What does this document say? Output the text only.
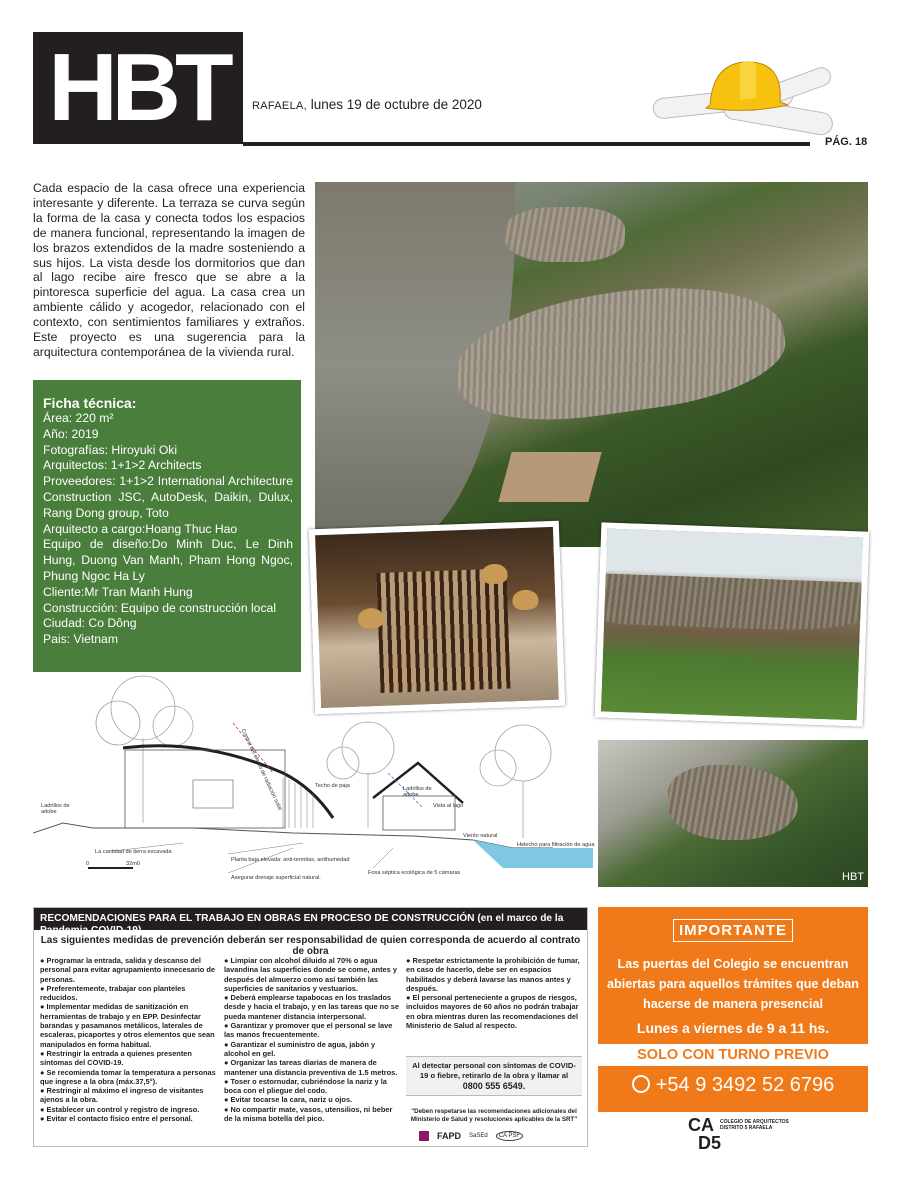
HBT	RAFAELA, lunes 19 de octubre de 2020
PÁG. 18

Cada espacio de la casa ofrece una experiencia interesante y diferente. La terraza se curva según la forma de la casa y conecta todos los espacios de manera funcional, representando la imagen de los brazos extendidos de la madre sosteniendo a sus hijos. La vista desde los dormitorios que dan al lago recibe aire fresco que se abre a la pintoresca superficie del agua. La casa crea un ambiente cálido y acogedor, relacionado con el contexto, con sentimientos familiares y extraños. Este proyecto es una sugerencia para la arquitectura contemporánea de la vivienda rural.

Ficha técnica:

Área: 220 m²

Año: 2019

Fotografías: Hiroyuki Oki

Arquitectos: 1+1>2 Architects

Proveedores: 1+1>2 International Architecture Construction JSC, AutoDesk, Daikin, Dulux, Rang Dong group, Toto

Arquitecto a cargo:Hoang Thuc Hao

Equipo de diseño:Do Minh Duc, Le Dinh Hung, Duong Van Manh, Pham Hong Ngoc, Phung Ngoc Ha Ly

Cliente:Mr Tran Manh Hung

Construcción: Equipo de construcción local

Ciudad: Co Dông

Pais: Vietnam

HBT
Ladrillos de adobe
Control del efecto de radiación solar	Techo de paja	Ladrillos de adobe
Vista al lago
Viento natural
Helecho para filtración de agua
La cantidad de tierra excavada
Planta baja elevada: anti-termitas, antihumedad
Asegurar drenaje superficial natural.
Fosa séptica ecológica de 5 cámaras
0	32m0
RECOMENDACIONES PARA EL TRABAJO EN OBRAS EN PROCESO DE CONSTRUCCIÓN (en el marco de la Pandemia COVID-19)
Las siguientes medidas de prevención deberán ser responsabilidad de quien corresponda de acuerdo al contrato de obra

● Programar la entrada, salida y descanso del personal para evitar agrupamiento innecesario de personas.

● Preferentemente, trabajar con planteles reducidos.

● Implementar medidas de sanitización en herramientas de trabajo y en EPP. Desinfectar barandas y pasamanos metálicos, laterales de escaleras, picaportes y otros elementos que sean manipulados en forma habitual.

● Restringir la entrada a quienes presenten síntomas del COVID-19.

● Se recomienda tomar la temperatura a personas que ingrese a la obra (máx.37,5°).

● Restringir al máximo el ingreso de visitantes ajenos a la obra.

● Establecer un control y registro de ingreso.

● Evitar el contacto físico entre el personal.

● Limpiar con alcohol diluido al 70% o agua lavandina las superficies donde se come, antes y después del almuerzo como así también las superficies de sanitarios y vestuarios.

● Deberá emplearse tapabocas en los traslados desde y hacia el trabajo, y en las tareas que no se pueda mantener distancia interpersonal.

● Garantizar y promover que el personal se lave las manos frecuentemente.

● Garantizar el suministro de agua, jabón y alcohol en gel.

● Organizar las tareas diarias de manera de mantener una distancia preventiva de 1.5 metros.

● Toser o estornudar, cubriéndose la nariz y la boca con el pliegue del codo.

● Evitar tocarse la cara, nariz u ojos.

● No compartir mate, vasos, utensilios, ni beber de la misma botella del pico.

● Respetar estrictamente la prohibición de fumar, en caso de hacerlo, debe ser en espacios habilitados y deberá lavarse las manos antes y después.

● El personal perteneciente a grupos de riesgos, incluidos mayores de 60 años no podrán trabajar en obra mientras duren las recomendaciones del Ministerio de Salud al respecto.

Al detectar personal con síntomas de COVID-19 o fiebre, retirarlo de la obra y llamar al
0800 555 6549.
"Deben respetarse las recomendaciones adicionales del Ministerio de Salud y resoluciones aplicables de la SRT"
FAPD SaSEd	CA PSF
IMPORTANTE
Las puertas del Colegio se encuentran abiertas para aquellos trámites que deban hacerse de manera presencial
Lunes a viernes de 9 a 11 hs.
SOLO CON TURNO PREVIO
+54 9 3492 52 6796
CA
D5
COLEGIO DE ARQUITECTOS DISTRITO 5 RAFAELA
